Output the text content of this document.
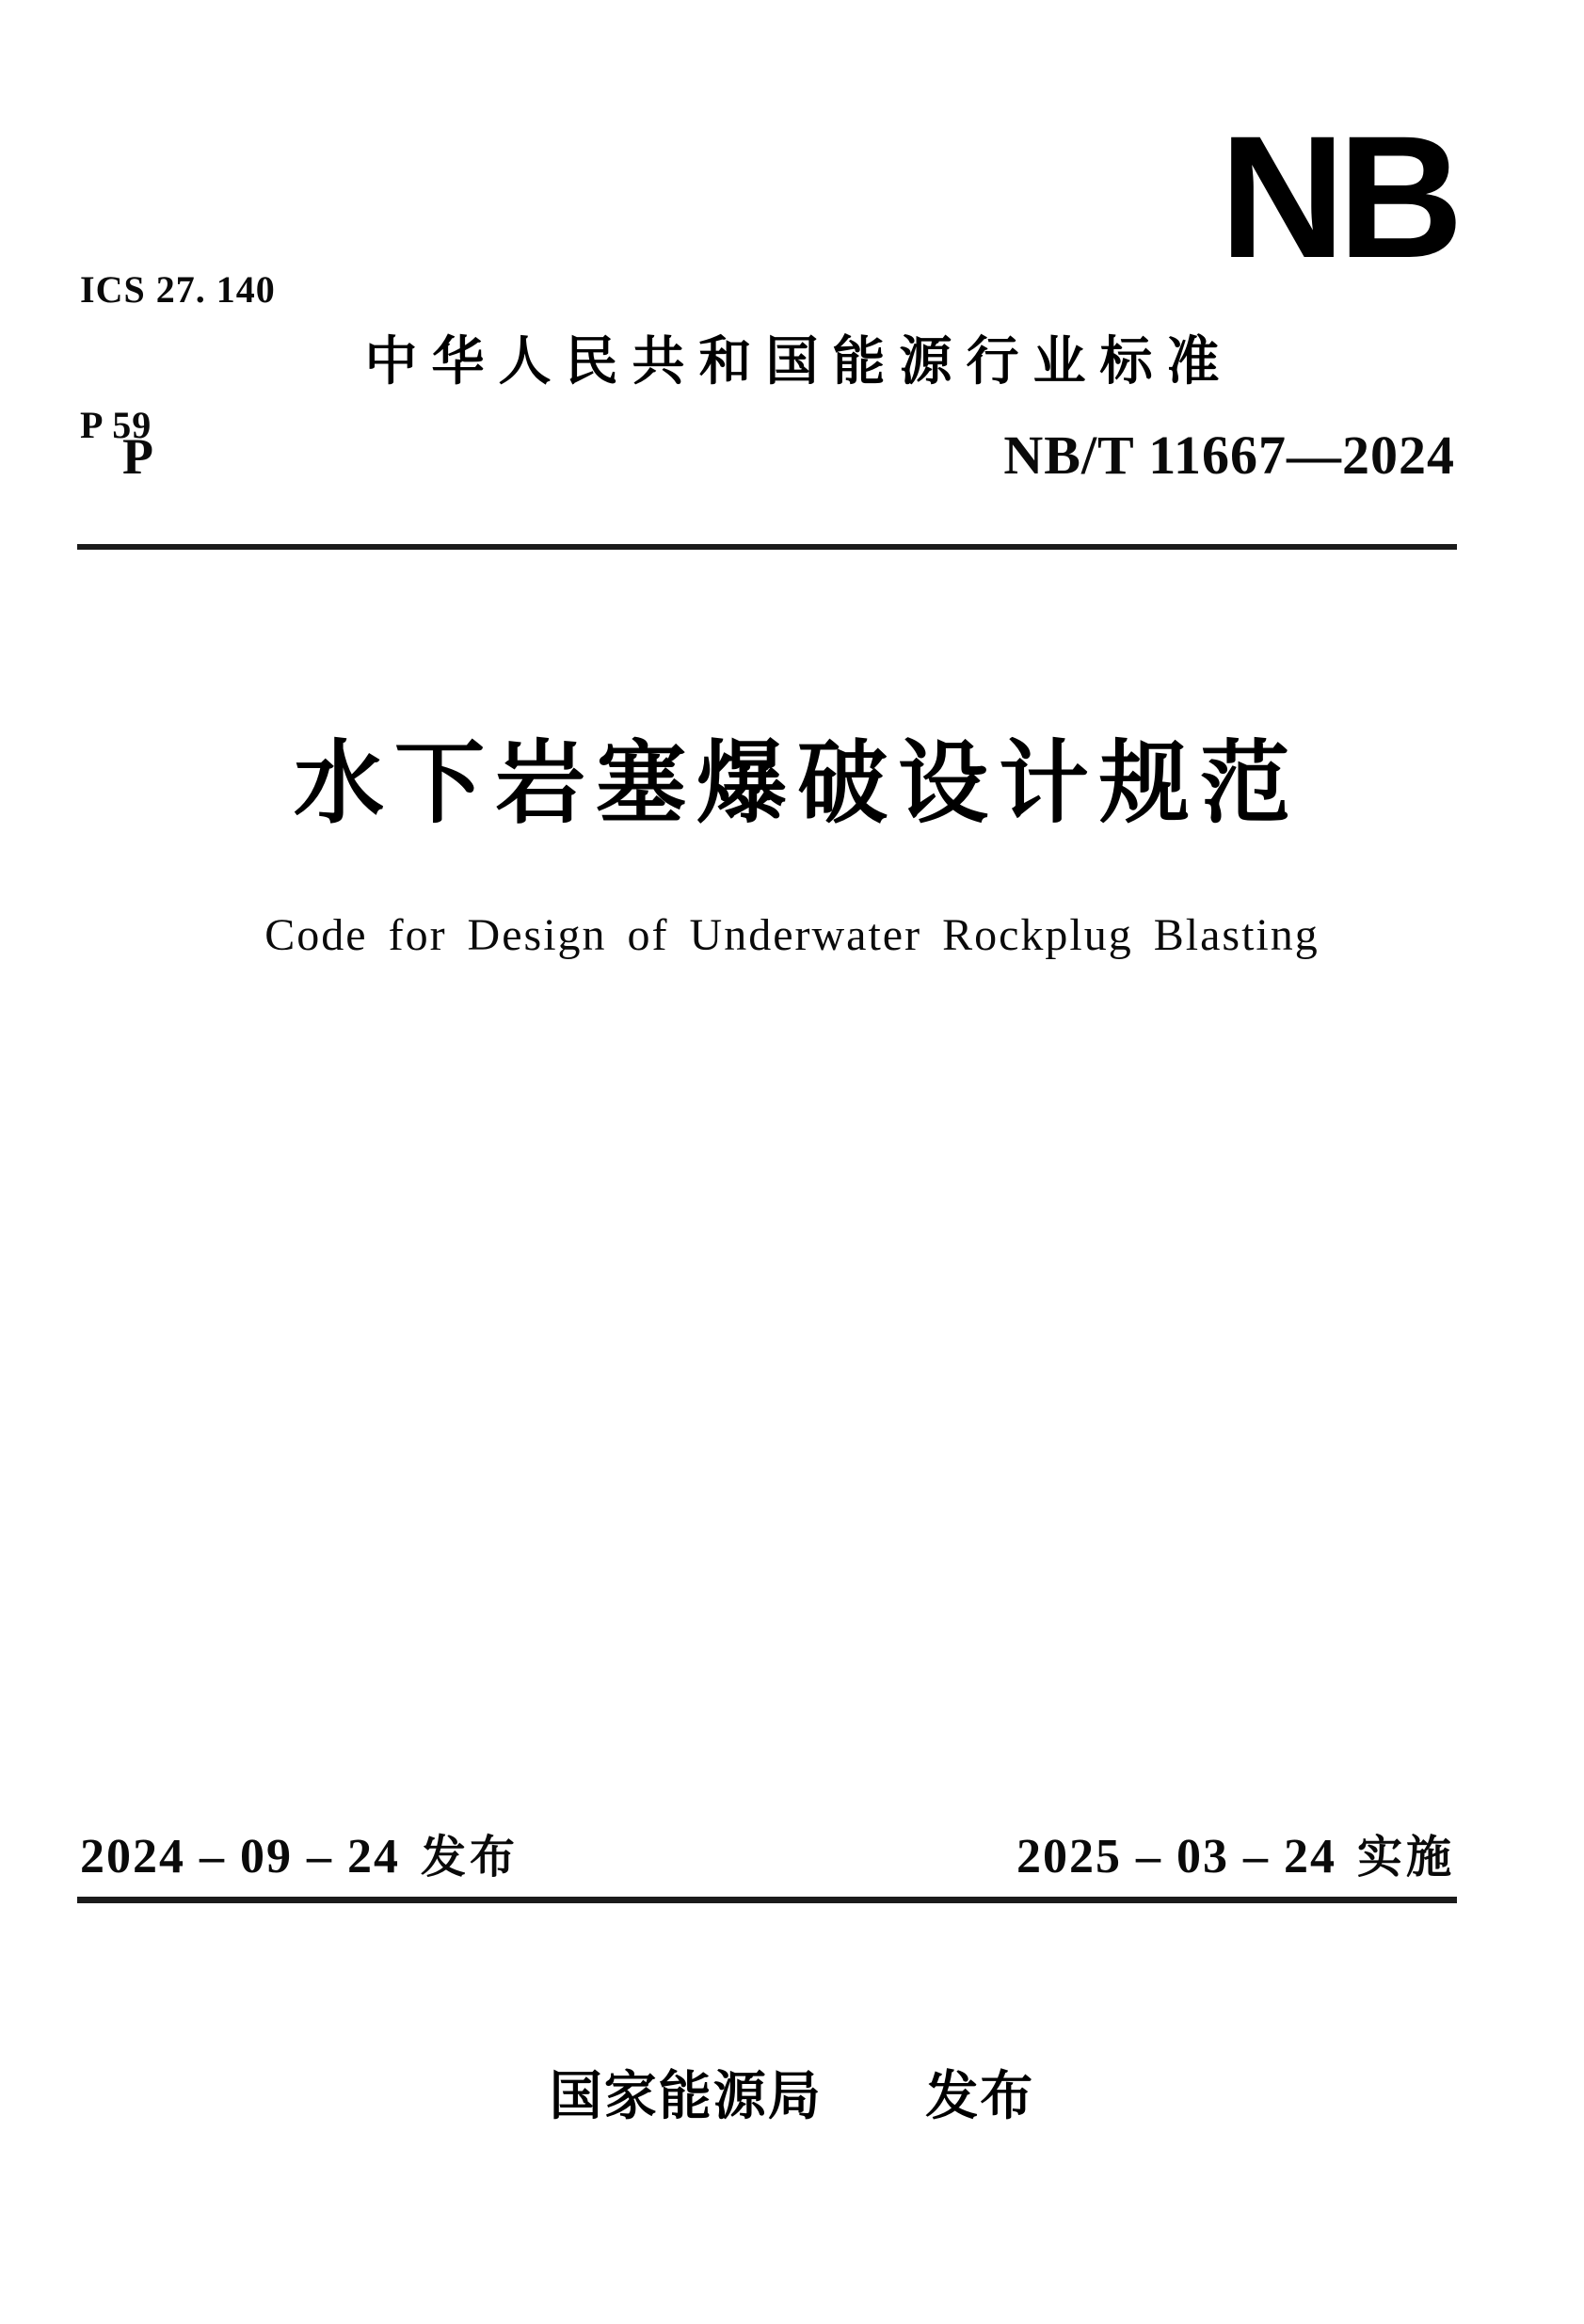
ICS 27. 140

P 59

NB
中华人民共和国能源行业标准
P	NB/T 11667—2024
水下岩塞爆破设计规范
Code for Design of Underwater Rockplug Blasting
2024 – 09 – 24 发布	2025 – 03 – 24 实施
国家能源局 发布
